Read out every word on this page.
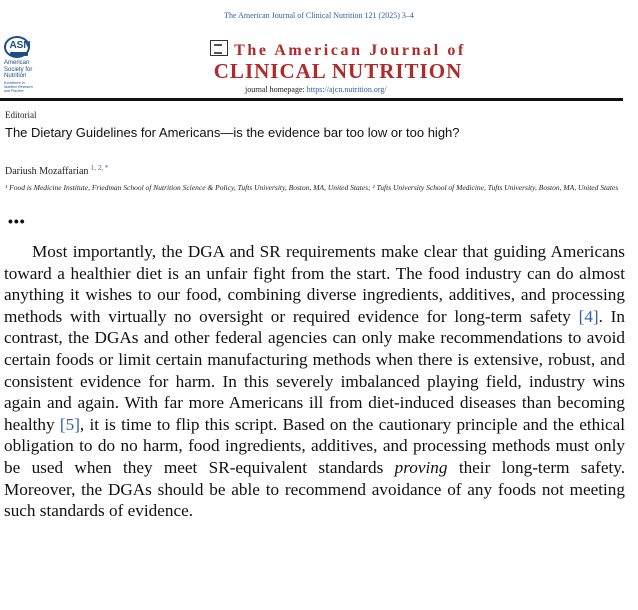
The American Journal of Clinical Nutrition 121 (2025) 3–4
ASN
American
Society for
Nutrition
Excellence in
Nutrition Research
and Practice
The American Journal of
CLINICAL NUTRITION
journal homepage: https://ajcn.nutrition.org/
Editorial
The Dietary Guidelines for Americans—is the evidence bar too low or too high?
Dariush Mozaffarian $^{1, 2, *}$
¹ Food is Medicine Institute, Friedman School of Nutrition Science & Policy, Tufts University, Boston, MA, United States; ² Tufts University School of Medicine, Tufts University, Boston, MA, United States
•••

Most importantly, the DGA and SR requirements make clear that guiding Americans toward a healthier diet is an unfair fight from the start. The food industry can do almost anything it wishes to our food, combining diverse ingredients, additives, and processing methods with virtually no oversight or required evidence for long-term safety [4]. In contrast, the DGAs and other federal agencies can only make recommendations to avoid certain foods or limit certain manufacturing methods when there is extensive, robust, and consistent evidence for harm. In this severely imbalanced playing field, industry wins again and again. With far more Americans ill from diet-induced diseases than becoming healthy [5], it is time to flip this script. Based on the cautionary principle and the ethical obligation to do no harm, food ingredients, additives, and processing methods must only be used when they meet SR-equivalent standards proving their long-term safety. Moreover, the DGAs should be able to recommend avoidance of any foods not meeting such standards of evidence.
